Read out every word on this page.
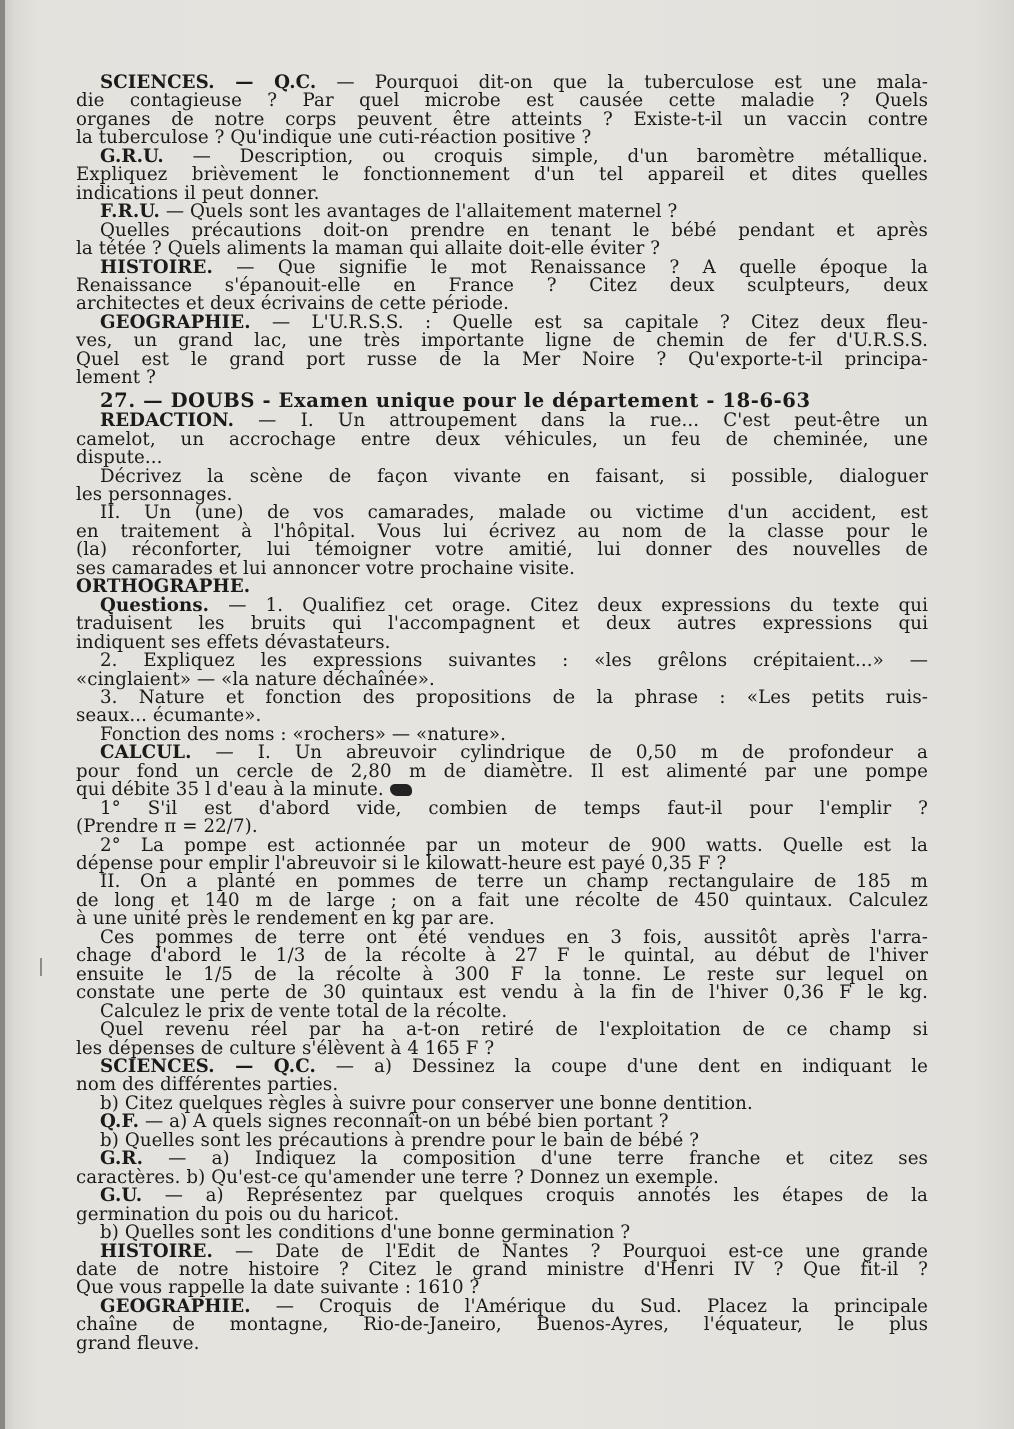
SCIENCES. — Q.C. — Pourquoi dit-on que la tuberculose est une mala-

die contagieuse ? Par quel microbe est causée cette maladie ? Quels

organes de notre corps peuvent être atteints ? Existe-t-il un vaccin contre

la tuberculose ? Qu'indique une cuti-réaction positive ?

G.R.U. — Description, ou croquis simple, d'un baromètre métallique.

Expliquez brièvement le fonctionnement d'un tel appareil et dites quelles

indications il peut donner.

F.R.U. — Quels sont les avantages de l'allaitement maternel ?

Quelles précautions doit-on prendre en tenant le bébé pendant et après

la tétée ? Quels aliments la maman qui allaite doit-elle éviter ?

HISTOIRE. — Que signifie le mot Renaissance ? A quelle époque la

Renaissance s'épanouit-elle en France ? Citez deux sculpteurs, deux

architectes et deux écrivains de cette période.

GEOGRAPHIE. — L'U.R.S.S. : Quelle est sa capitale ? Citez deux fleu-

ves, un grand lac, une très importante ligne de chemin de fer d'U.R.S.S.

Quel est le grand port russe de la Mer Noire ? Qu'exporte-t-il principa-

lement ?

27. — DOUBS - Examen unique pour le département - 18-6-63

REDACTION. — I. Un attroupement dans la rue... C'est peut-être un

camelot, un accrochage entre deux véhicules, un feu de cheminée, une

dispute...

Décrivez la scène de façon vivante en faisant, si possible, dialoguer

les personnages.

II. Un (une) de vos camarades, malade ou victime d'un accident, est

en traitement à l'hôpital. Vous lui écrivez au nom de la classe pour le

(la) réconforter, lui témoigner votre amitié, lui donner des nouvelles de

ses camarades et lui annoncer votre prochaine visite.

ORTHOGRAPHE.

Questions. — 1. Qualifiez cet orage. Citez deux expressions du texte qui

traduisent les bruits qui l'accompagnent et deux autres expressions qui

indiquent ses effets dévastateurs.

2. Expliquez les expressions suivantes : «les grêlons crépitaient...» —

«cinglaient» — «la nature déchaînée».

3. Nature et fonction des propositions de la phrase : «Les petits ruis-

seaux... écumante».

Fonction des noms : «rochers» — «nature».

CALCUL. — I. Un abreuvoir cylindrique de 0,50 m de profondeur a

pour fond un cercle de 2,80 m de diamètre. Il est alimenté par une pompe

qui débite 35 l d'eau à la minute.

1° S'il est d'abord vide, combien de temps faut-il pour l'emplir ?

(Prendre π = 22/7).

2° La pompe est actionnée par un moteur de 900 watts. Quelle est la

dépense pour emplir l'abreuvoir si le kilowatt-heure est payé 0,35 F ?

II. On a planté en pommes de terre un champ rectangulaire de 185 m

de long et 140 m de large ; on a fait une récolte de 450 quintaux. Calculez

à une unité près le rendement en kg par are.

Ces pommes de terre ont été vendues en 3 fois, aussitôt après l'arra-

chage d'abord le 1/3 de la récolte à 27 F le quintal, au début de l'hiver

ensuite le 1/5 de la récolte à 300 F la tonne. Le reste sur lequel on

constate une perte de 30 quintaux est vendu à la fin de l'hiver 0,36 F le kg.

Calculez le prix de vente total de la récolte.

Quel revenu réel par ha a-t-on retiré de l'exploitation de ce champ si

les dépenses de culture s'élèvent à 4 165 F ?

SCIENCES. — Q.C. — a) Dessinez la coupe d'une dent en indiquant le

nom des différentes parties.

b) Citez quelques règles à suivre pour conserver une bonne dentition.

Q.F. — a) A quels signes reconnaît-on un bébé bien portant ?

b) Quelles sont les précautions à prendre pour le bain de bébé ?

G.R. — a) Indiquez la composition d'une terre franche et citez ses

caractères. b) Qu'est-ce qu'amender une terre ? Donnez un exemple.

G.U. — a) Représentez par quelques croquis annotés les étapes de la

germination du pois ou du haricot.

b) Quelles sont les conditions d'une bonne germination ?

HISTOIRE. — Date de l'Edit de Nantes ? Pourquoi est-ce une grande

date de notre histoire ? Citez le grand ministre d'Henri IV ? Que fit-il ?

Que vous rappelle la date suivante : 1610 ?

GEOGRAPHIE. — Croquis de l'Amérique du Sud. Placez la principale

chaîne de montagne, Rio-de-Janeiro, Buenos-Ayres, l'équateur, le plus

grand fleuve.
